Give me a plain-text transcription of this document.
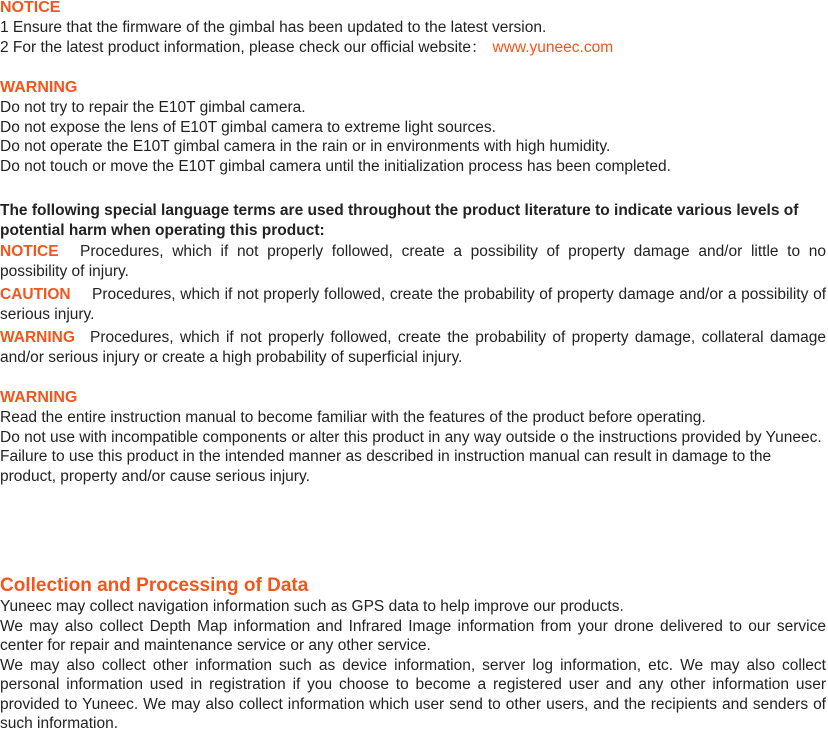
NOTICE

1 Ensure that the firmware of the gimbal has been updated to the latest version.

2 For the latest product information, please check our official website： www.yuneec.com

WARNING

Do not try to repair the E10T gimbal camera.

Do not expose the lens of E10T gimbal camera to extreme light sources.

Do not operate the E10T gimbal camera in the rain or in environments with high humidity.

Do not touch or move the E10T gimbal camera until the initialization process has been completed.

The following special language terms are used throughout the product literature to indicate various levels of potential harm when operating this product:

NOTICE Procedures, which if not properly followed, create a possibility of property damage and/or little to no possibility of injury.

CAUTION Procedures, which if not properly followed, create the probability of property damage and/or a possibility of serious injury.

WARNING Procedures, which if not properly followed, create the probability of property damage, collateral damage and/or serious injury or create a high probability of superficial injury.

WARNING

Read the entire instruction manual to become familiar with the features of the product before operating.

Do not use with incompatible components or alter this product in any way outside o the instructions provided by Yuneec.

Failure to use this product in the intended manner as described in instruction manual can result in damage to the product, property and/or cause serious injury.

Collection and Processing of Data

Yuneec may collect navigation information such as GPS data to help improve our products.

We may also collect Depth Map information and Infrared Image information from your drone delivered to our service center for repair and maintenance service or any other service.

We may also collect other information such as device information, server log information, etc. We may also collect personal information used in registration if you choose to become a registered user and any other information user provided to Yuneec. We may also collect information which user send to other users, and the recipients and senders of such information.
